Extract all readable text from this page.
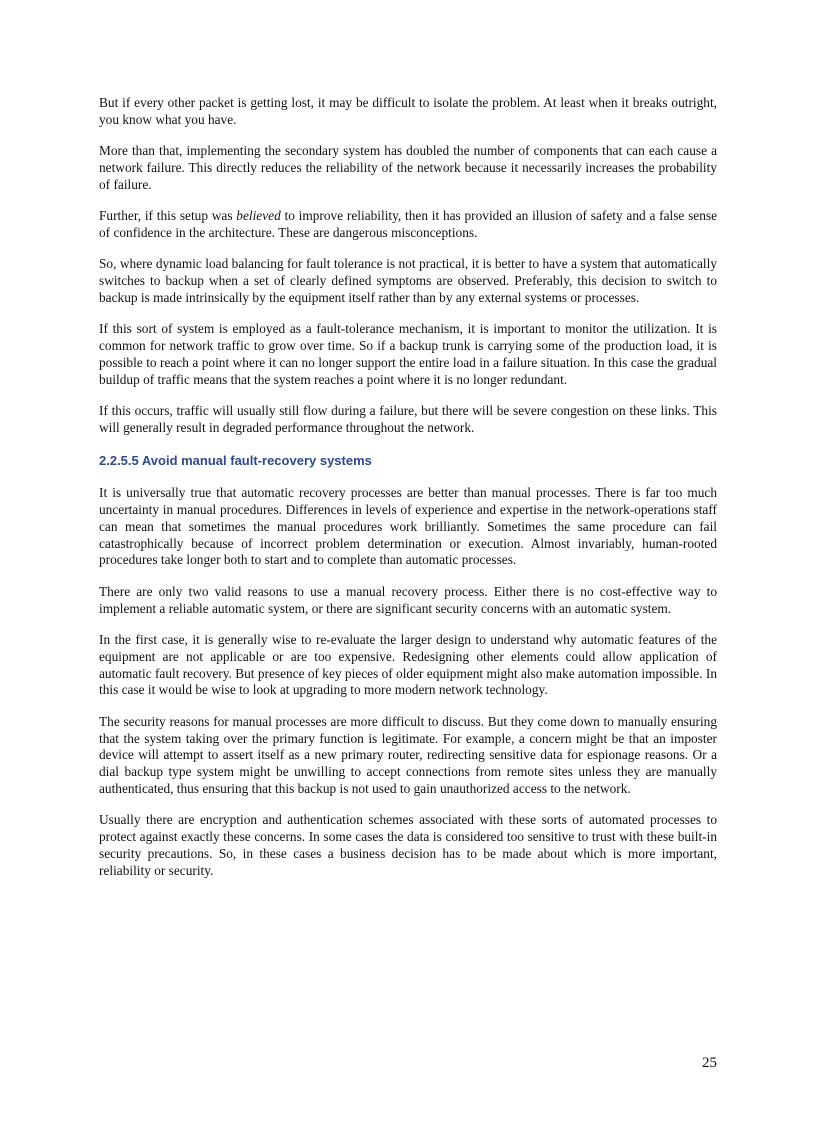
But if every other packet is getting lost, it may be difficult to isolate the problem. At least when it breaks outright, you know what you have.

More than that, implementing the secondary system has doubled the number of components that can each cause a network failure. This directly reduces the reliability of the network because it necessarily increases the probability of failure.

Further, if this setup was believed to improve reliability, then it has provided an illusion of safety and a false sense of confidence in the architecture. These are dangerous misconceptions.

So, where dynamic load balancing for fault tolerance is not practical, it is better to have a system that automatically switches to backup when a set of clearly defined symptoms are observed. Preferably, this decision to switch to backup is made intrinsically by the equipment itself rather than by any external systems or processes.

If this sort of system is employed as a fault-tolerance mechanism, it is important to monitor the utilization. It is common for network traffic to grow over time. So if a backup trunk is carrying some of the production load, it is possible to reach a point where it can no longer support the entire load in a failure situation. In this case the gradual buildup of traffic means that the system reaches a point where it is no longer redundant.

If this occurs, traffic will usually still flow during a failure, but there will be severe congestion on these links. This will generally result in degraded performance throughout the network.

2.2.5.5 Avoid manual fault-recovery systems

It is universally true that automatic recovery processes are better than manual processes. There is far too much uncertainty in manual procedures. Differences in levels of experience and expertise in the network-operations staff can mean that sometimes the manual procedures work brilliantly. Sometimes the same procedure can fail catastrophically because of incorrect problem determination or execution. Almost invariably, human-rooted procedures take longer both to start and to complete than automatic processes.

There are only two valid reasons to use a manual recovery process. Either there is no cost-effective way to implement a reliable automatic system, or there are significant security concerns with an automatic system.

In the first case, it is generally wise to re-evaluate the larger design to understand why automatic features of the equipment are not applicable or are too expensive. Redesigning other elements could allow application of automatic fault recovery. But presence of key pieces of older equipment might also make automation impossible. In this case it would be wise to look at upgrading to more modern network technology.

The security reasons for manual processes are more difficult to discuss. But they come down to manually ensuring that the system taking over the primary function is legitimate. For example, a concern might be that an imposter device will attempt to assert itself as a new primary router, redirecting sensitive data for espionage reasons. Or a dial backup type system might be unwilling to accept connections from remote sites unless they are manually authenticated, thus ensuring that this backup is not used to gain unauthorized access to the network.

Usually there are encryption and authentication schemes associated with these sorts of automated processes to protect against exactly these concerns. In some cases the data is considered too sensitive to trust with these built-in security precautions. So, in these cases a business decision has to be made about which is more important, reliability or security.

25
